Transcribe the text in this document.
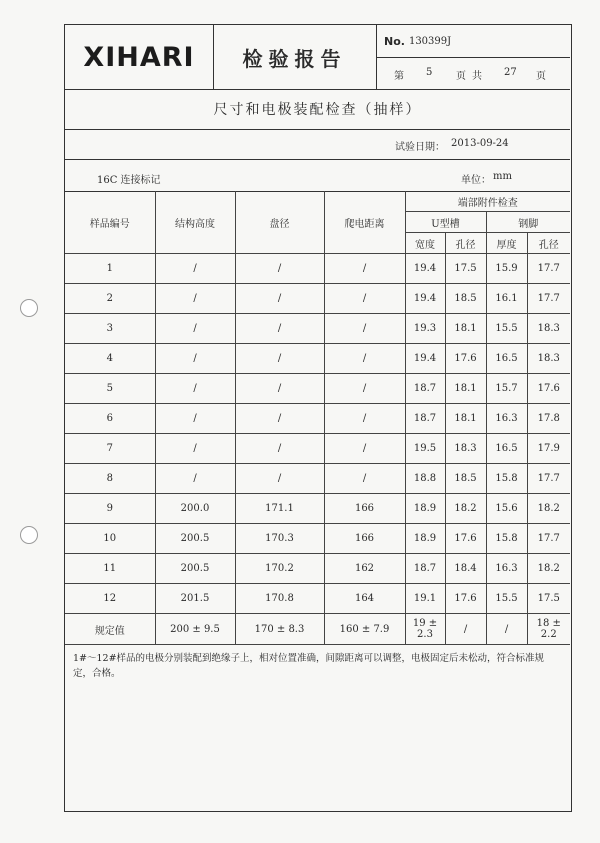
XIHARI	检验报告
No. 130399J
第 5 页共 27 页
尺寸和电极装配检查（抽样）
试验日期： 2013-09-24
16C 连接标记	单位： mm
样品编号	结构高度	盘径	爬电距离	端部附件检查			
				U型槽		钢脚	
				宽度	孔径	厚度	孔径
1	/	/	/	19.4	17.5	15.9	17.7
2	/	/	/	19.4	18.5	16.1	17.7
3	/	/	/	19.3	18.1	15.5	18.3
4	/	/	/	19.4	17.6	16.5	18.3
5	/	/	/	18.7	18.1	15.7	17.6
6	/	/	/	18.7	18.1	16.3	17.8
7	/	/	/	19.5	18.3	16.5	17.9
8	/	/	/	18.8	18.5	15.8	17.7
9	200.0	171.1	166	18.9	18.2	15.6	18.2
10	200.5	170.3	166	18.9	17.6	15.8	17.7
11	200.5	170.2	162	18.7	18.4	16.3	18.2
12	201.5	170.8	164	19.1	17.6	15.5	17.5
规定值	200 ± 9.5	170 ± 8.3	160 ± 7.9	19 ± 2.3	/	/	18 ± 2.2
1#～12#样品的电极分别装配到绝缘子上，相对位置准确，间隙距离可以调整，电极固定后未松动，符合标准规定，合格。
